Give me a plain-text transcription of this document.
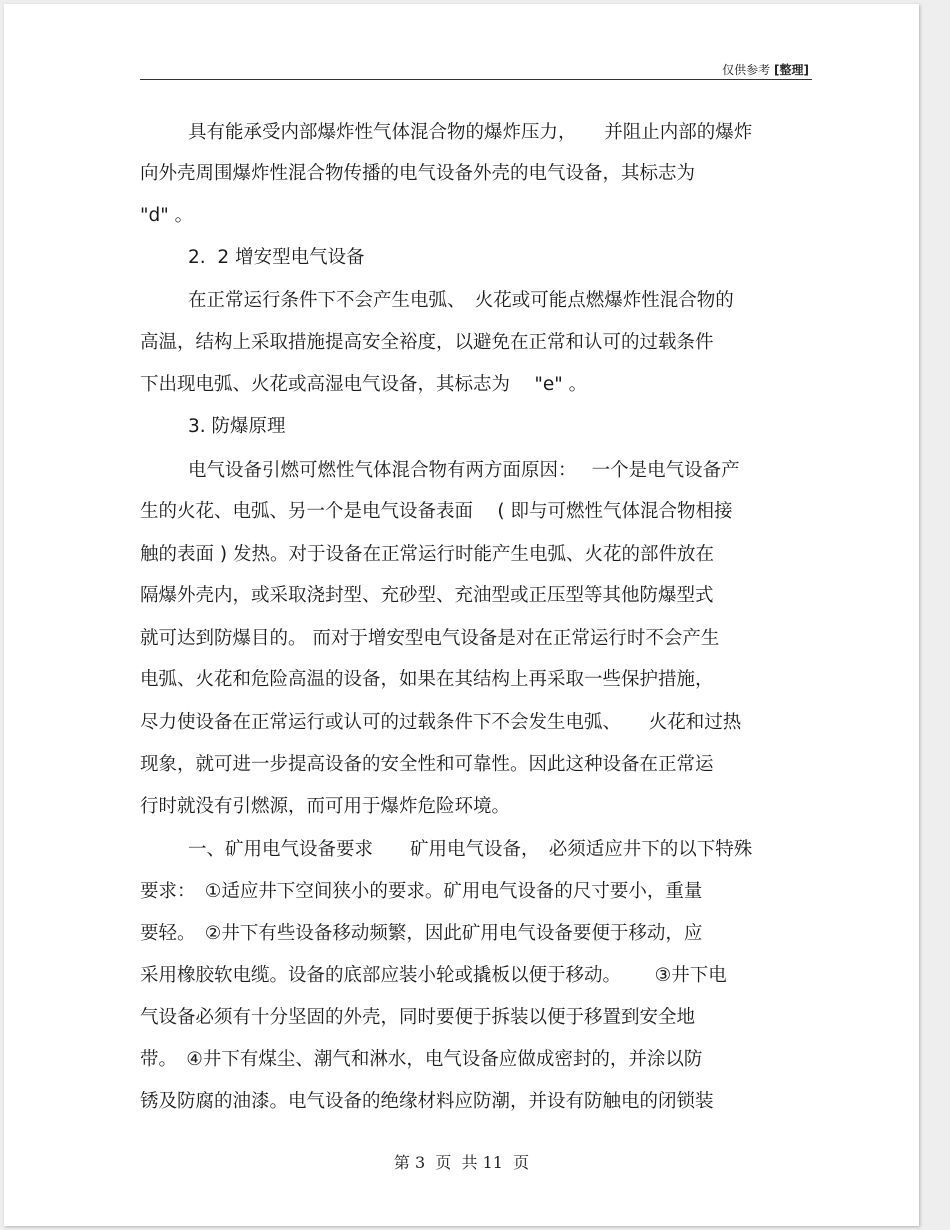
仅供参考 [整理]
具有能承受内部爆炸性气体混合物的爆炸压力，　　并阻止内部的爆炸
向外壳周围爆炸性混合物传播的电气设备外壳的电气设备，其标志为
"d" 。
2.  2 增安型电气设备
在正常运行条件下不会产生电弧、　火花或可能点燃爆炸性混合物的
高温，结构上采取措施提高安全裕度，以避免在正常和认可的过载条件
下出现电弧、火花或高湿电气设备，其标志为　 "e" 。
3. 防爆原理
电气设备引燃可燃性气体混合物有两方面原因：　 一个是电气设备产
生的火花、电弧、另一个是电气设备表面　 ( 即与可燃性气体混合物相接
触的表面 ) 发热。对于设备在正常运行时能产生电弧、火花的部件放在
隔爆外壳内，或采取浇封型、充砂型、充油型或正压型等其他防爆型式
就可达到防爆目的。 而对于增安型电气设备是对在正常运行时不会产生
电弧、火花和危险高温的设备，如果在其结构上再采取一些保护措施，
尽力使设备在正常运行或认可的过载条件下不会发生电弧、　　火花和过热
现象，就可进一步提高设备的安全性和可靠性。因此这种设备在正常运
行时就没有引燃源，而可用于爆炸危险环境。
一、矿用电气设备要求　　矿用电气设备，　必须适应井下的以下特殊
要求：　①适应井下空间狭小的要求。矿用电气设备的尺寸要小，重量
要轻。　②井下有些设备移动频繁，因此矿用电气设备要便于移动，应
采用橡胶软电缆。设备的底部应装小轮或撬板以便于移动。　　 ③井下电
气设备必须有十分坚固的外壳，同时要便于拆装以便于移置到安全地
带。　④井下有煤尘、潮气和淋水，电气设备应做成密封的，并涂以防
锈及防腐的油漆。电气设备的绝缘材料应防潮，并设有防触电的闭锁装
第 3  页  共 11  页
